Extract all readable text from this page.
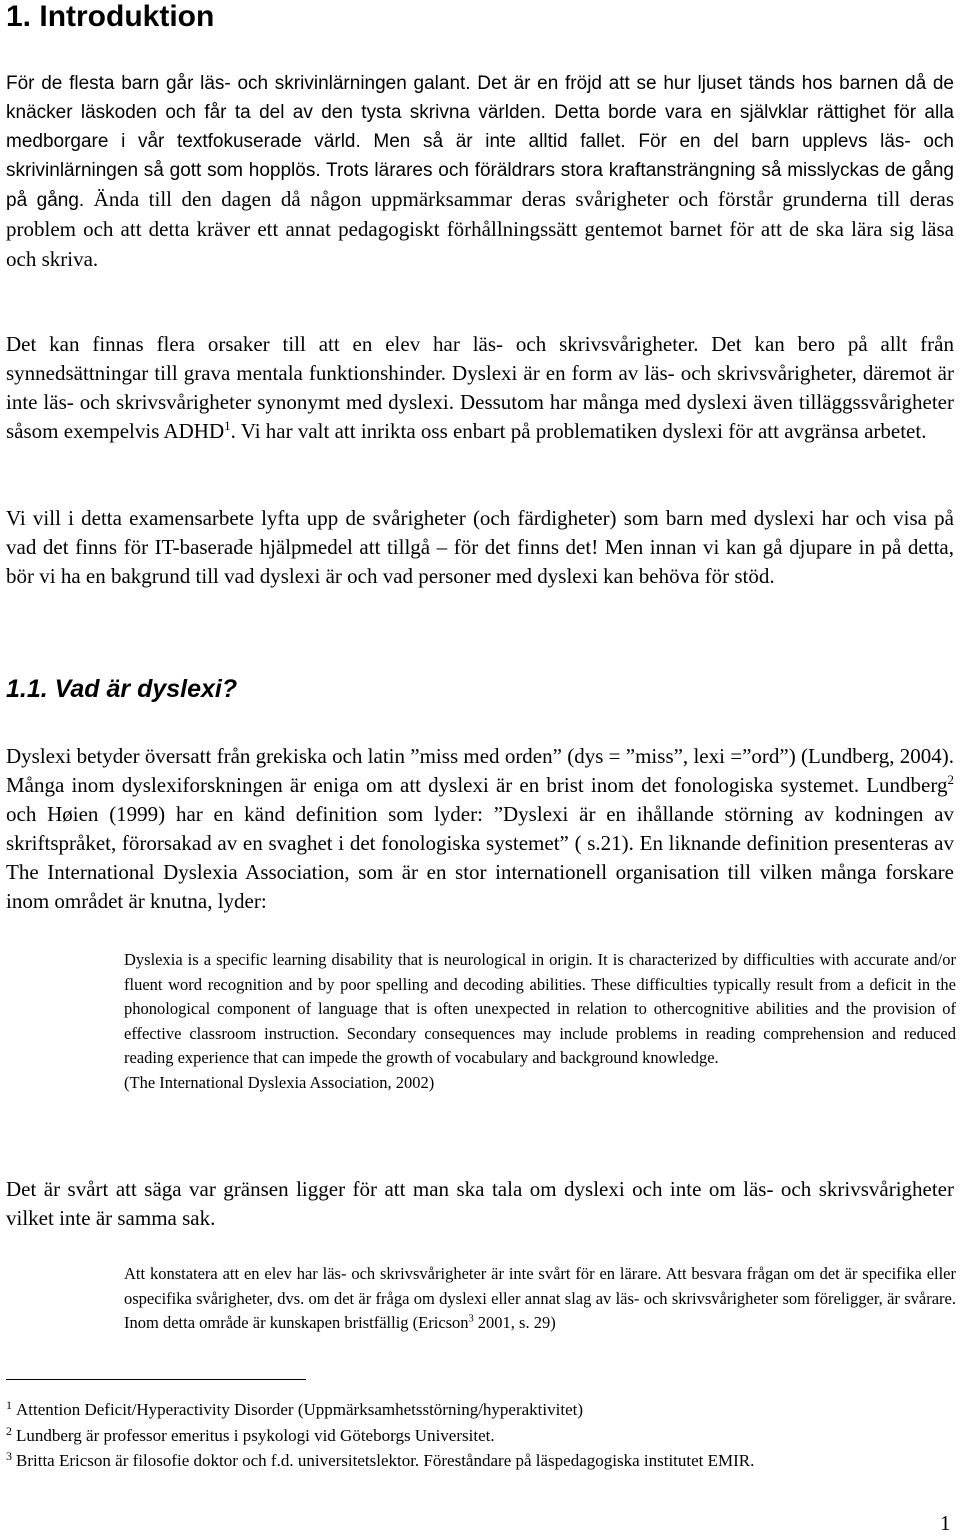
1. Introduktion

För de flesta barn går läs- och skrivinlärningen galant. Det är en fröjd att se hur ljuset tänds hos barnen då de knäcker läskoden och får ta del av den tysta skrivna världen. Detta borde vara en självklar rättighet för alla medborgare i vår textfokuserade värld. Men så är inte alltid fallet. För en del barn upplevs läs- och skrivinlärningen så gott som hopplös. Trots lärares och föräldrars stora kraftansträngning så misslyckas de gång på gång. Ända till den dagen då någon uppmärksammar deras svårigheter och förstår grunderna till deras problem och att detta kräver ett annat pedagogiskt förhållningssätt gentemot barnet för att de ska lära sig läsa och skriva.

Det kan finnas flera orsaker till att en elev har läs- och skrivsvårigheter. Det kan bero på allt från synnedsättningar till grava mentala funktionshinder. Dyslexi är en form av läs- och skrivsvårigheter, däremot är inte läs- och skrivsvårigheter synonymt med dyslexi. Dessutom har många med dyslexi även tilläggssvårigheter såsom exempelvis ADHD$^1$. Vi har valt att inrikta oss enbart på problematiken dyslexi för att avgränsa arbetet.

Vi vill i detta examensarbete lyfta upp de svårigheter (och färdigheter) som barn med dyslexi har och visa på vad det finns för IT-baserade hjälpmedel att tillgå – för det finns det! Men innan vi kan gå djupare in på detta, bör vi ha en bakgrund till vad dyslexi är och vad personer med dyslexi kan behöva för stöd.

1.1. Vad är dyslexi?

Dyslexi betyder översatt från grekiska och latin ”miss med orden” (dys = ”miss”, lexi =”ord”) (Lundberg, 2004). Många inom dyslexiforskningen är eniga om att dyslexi är en brist inom det fonologiska systemet. Lundberg$^2$ och Høien (1999) har en känd definition som lyder: ”Dyslexi är en ihållande störning av kodningen av skriftspråket, förorsakad av en svaghet i det fonologiska systemet” ( s.21). En liknande definition presenteras av The International Dyslexia Association, som är en stor internationell organisation till vilken många forskare inom området är knutna, lyder:

Dyslexia is a specific learning disability that is neurological in origin. It is characterized by difficulties with accurate and/or fluent word recognition and by poor spelling and decoding abilities. These difficulties typically result from a deficit in the phonological component of language that is often unexpected in relation to othercognitive abilities and the provision of effective classroom instruction. Secondary consequences may include problems in reading comprehension and reduced reading experience that can impede the growth of vocabulary and background knowledge.
(The International Dyslexia Association, 2002)

Det är svårt att säga var gränsen ligger för att man ska tala om dyslexi och inte om läs- och skrivsvårigheter vilket inte är samma sak.

Att konstatera att en elev har läs- och skrivsvårigheter är inte svårt för en lärare. Att besvara frågan om det är specifika eller ospecifika svårigheter, dvs. om det är fråga om dyslexi eller annat slag av läs- och skrivsvårigheter som föreligger, är svårare. Inom detta område är kunskapen bristfällig (Ericson$^3$ 2001, s. 29)

$^1$ Attention Deficit/Hyperactivity Disorder (Uppmärksamhetsstörning/hyperaktivitet)

$^2$ Lundberg är professor emeritus i psykologi vid Göteborgs Universitet.

$^3$ Britta Ericson är filosofie doktor och f.d. universitetslektor. Föreståndare på läspedagogiska institutet EMIR.

1
